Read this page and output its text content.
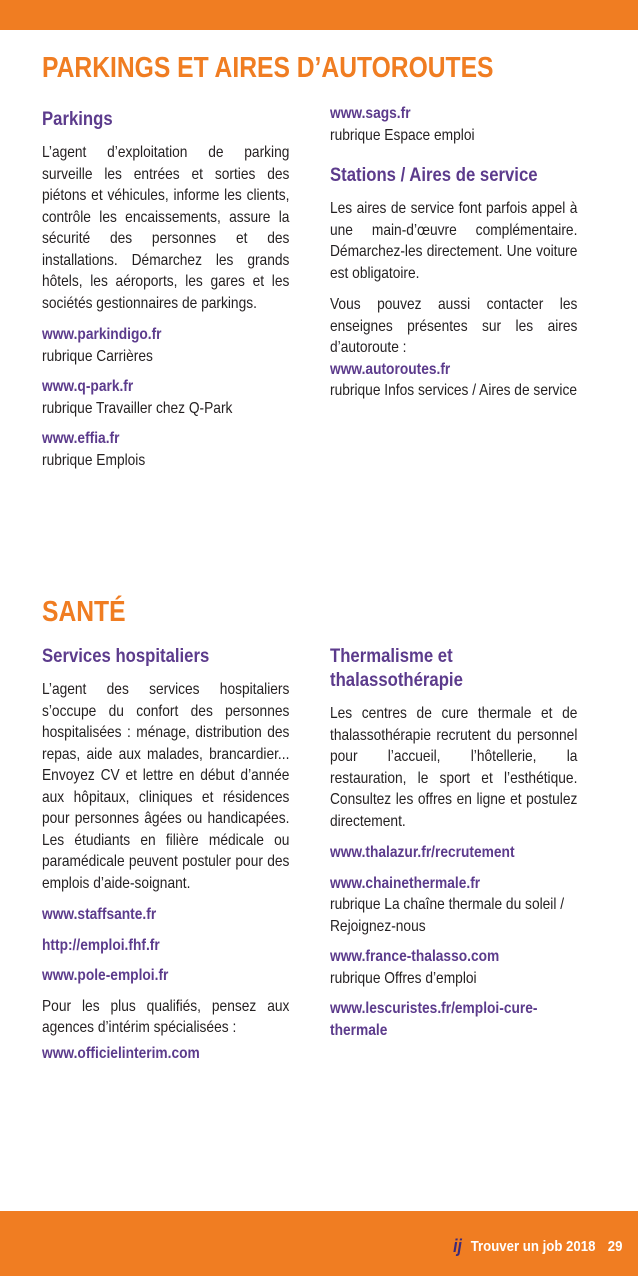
PARKINGS ET AIRES D’AUTOROUTES
Parkings

L’agent d’exploitation de parking surveille les entrées et sorties des piétons et véhicules, informe les clients, contrôle les encaissements, assure la sécurité des personnes et des installations. Démarchez les grands hôtels, les aéroports, les gares et les sociétés gestionnaires de parkings.

www.parkindigo.fr
rubrique Carrières
www.q-park.fr
rubrique Travailler chez Q-Park
www.effia.fr
rubrique Emplois
www.sags.fr
rubrique Espace emploi
Stations / Aires de service

Les aires de service font parfois appel à une main-d’œuvre complémentaire. Démarchez-les directement. Une voiture est obligatoire.

Vous pouvez aussi contacter les enseignes présentes sur les aires d’autoroute :

www.autoroutes.fr
rubrique Infos services / Aires de service
SANTÉ
Services hospitaliers

L’agent des services hospitaliers s’occupe du confort des personnes hospitalisées : ménage, distribution des repas, aide aux malades, brancardier... Envoyez CV et lettre en début d’année aux hôpitaux, cliniques et résidences pour personnes âgées ou handicapées. Les étudiants en filière médicale ou paramédicale peuvent postuler pour des emplois d’aide-soignant.

www.staffsante.fr
http://emploi.fhf.fr
www.pole-emploi.fr

Pour les plus qualifiés, pensez aux agences d’intérim spécialisées :

www.officielinterim.com
Thermalisme et thalassothérapie

Les centres de cure thermale et de thalassothérapie recrutent du personnel pour l’accueil, l’hôtellerie, la restauration, le sport et l’esthétique. Consultez les offres en ligne et postulez directement.

www.thalazur.fr/recrutement
www.chainethermale.fr
rubrique La chaîne thermale du soleil / Rejoignez-nous
www.france-thalasso.com
rubrique Offres d’emploi
www.lescuristes.fr/emploi-cure-thermale
ij Trouver un job 2018 29
